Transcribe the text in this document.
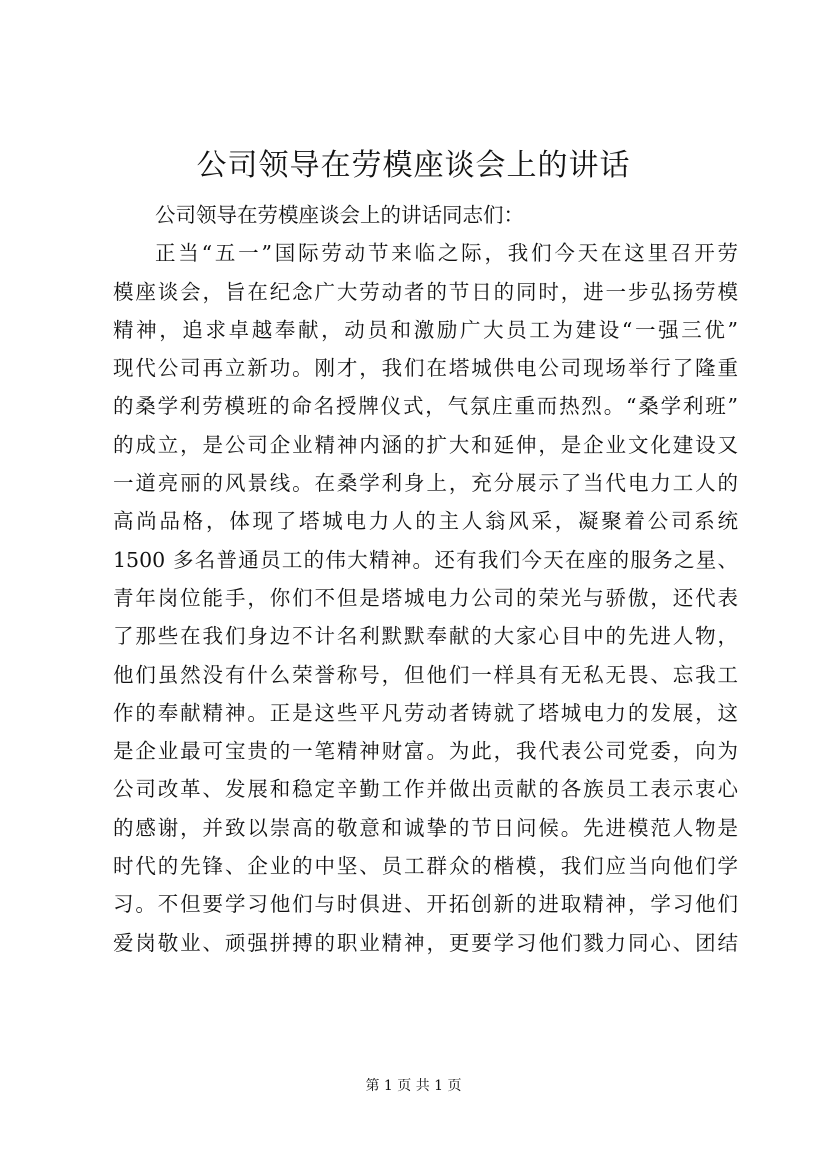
公司领导在劳模座谈会上的讲话
公司领导在劳模座谈会上的讲话同志们：
正当“五一”国际劳动节来临之际，我们今天在这里召开劳
模座谈会，旨在纪念广大劳动者的节日的同时，进一步弘扬劳模
精神，追求卓越奉献，动员和激励广大员工为建设“一强三优”
现代公司再立新功。刚才，我们在塔城供电公司现场举行了隆重
的桑学利劳模班的命名授牌仪式，气氛庄重而热烈。“桑学利班”
的成立，是公司企业精神内涵的扩大和延伸，是企业文化建设又
一道亮丽的风景线。在桑学利身上，充分展示了当代电力工人的
高尚品格，体现了塔城电力人的主人翁风采，凝聚着公司系统
1500 多名普通员工的伟大精神。还有我们今天在座的服务之星、
青年岗位能手，你们不但是塔城电力公司的荣光与骄傲，还代表
了那些在我们身边不计名利默默奉献的大家心目中的先进人物，
他们虽然没有什么荣誉称号，但他们一样具有无私无畏、忘我工
作的奉献精神。正是这些平凡劳动者铸就了塔城电力的发展，这
是企业最可宝贵的一笔精神财富。为此，我代表公司党委，向为
公司改革、发展和稳定辛勤工作并做出贡献的各族员工表示衷心
的感谢，并致以崇高的敬意和诚挚的节日问候。先进模范人物是
时代的先锋、企业的中坚、员工群众的楷模，我们应当向他们学
习。不但要学习他们与时俱进、开拓创新的进取精神，学习他们
爱岗敬业、顽强拼搏的职业精神，更要学习他们戮力同心、团结
第 1 页 共 1 页
